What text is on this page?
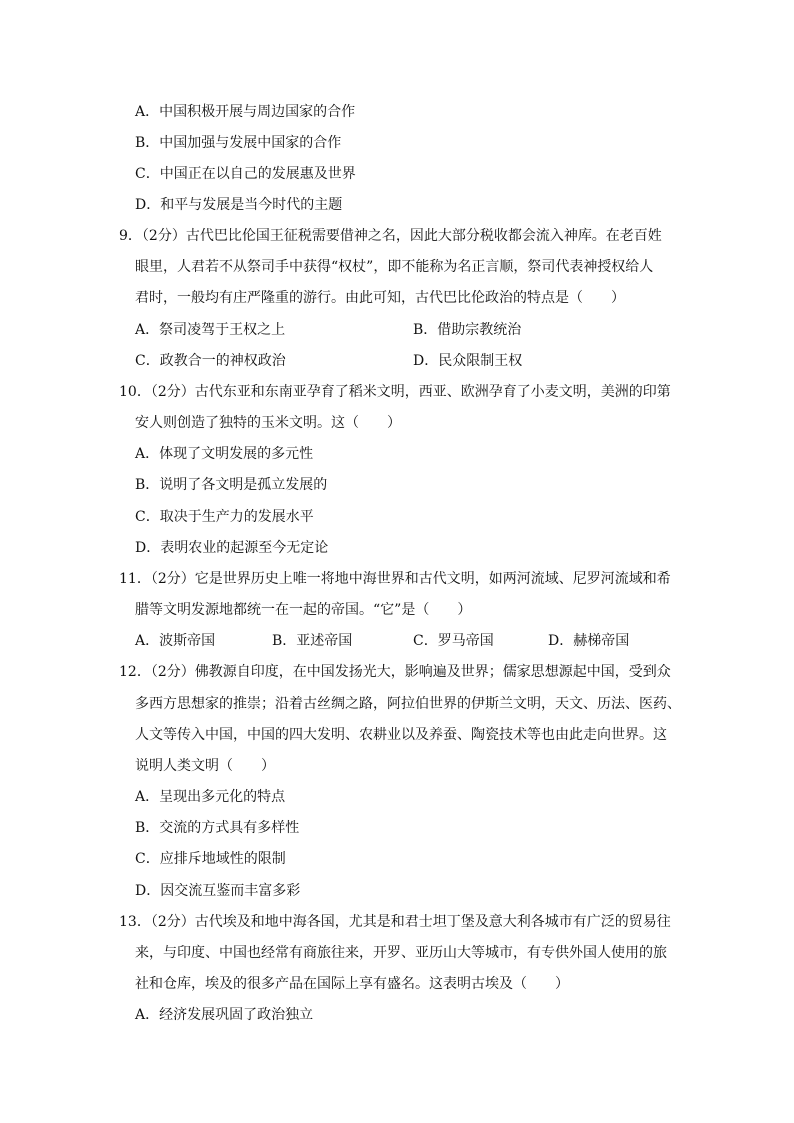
A．中国积极开展与周边国家的合作
B．中国加强与发展中国家的合作
C．中国正在以自己的发展惠及世界
D．和平与发展是当今时代的主题
9．（2分）古代巴比伦国王征税需要借神之名，因此大部分税收都会流入神库。在老百姓
眼里，人君若不从祭司手中获得“权杖”，即不能称为名正言顺，祭司代表神授权给人
君时，一般均有庄严隆重的游行。由此可知，古代巴比伦政治的特点是（　　）
A．祭司凌驾于王权之上	B．借助宗教统治
C．政教合一的神权政治	D．民众限制王权
10．（2分）古代东亚和东南亚孕育了稻米文明，西亚、欧洲孕育了小麦文明，美洲的印第
安人则创造了独特的玉米文明。这（　　）
A．体现了文明发展的多元性
B．说明了各文明是孤立发展的
C．取决于生产力的发展水平
D．表明农业的起源至今无定论
11．（2分）它是世界历史上唯一将地中海世界和古代文明，如两河流域、尼罗河流域和希
腊等文明发源地都统一在一起的帝国。“它”是（　　）
A．波斯帝国	B．亚述帝国	C．罗马帝国	D．赫梯帝国
12．（2分）佛教源自印度，在中国发扬光大，影响遍及世界；儒家思想源起中国，受到众
多西方思想家的推崇；沿着古丝绸之路，阿拉伯世界的伊斯兰文明，天文、历法、医药、
人文等传入中国，中国的四大发明、农耕业以及养蚕、陶瓷技术等也由此走向世界。这
说明人类文明（　　）
A．呈现出多元化的特点
B．交流的方式具有多样性
C．应排斥地域性的限制
D．因交流互鉴而丰富多彩
13．（2分）古代埃及和地中海各国，尤其是和君士坦丁堡及意大利各城市有广泛的贸易往
来，与印度、中国也经常有商旅往来，开罗、亚历山大等城市，有专供外国人使用的旅
社和仓库，埃及的很多产品在国际上享有盛名。这表明古埃及（　　）
A．经济发展巩固了政治独立
